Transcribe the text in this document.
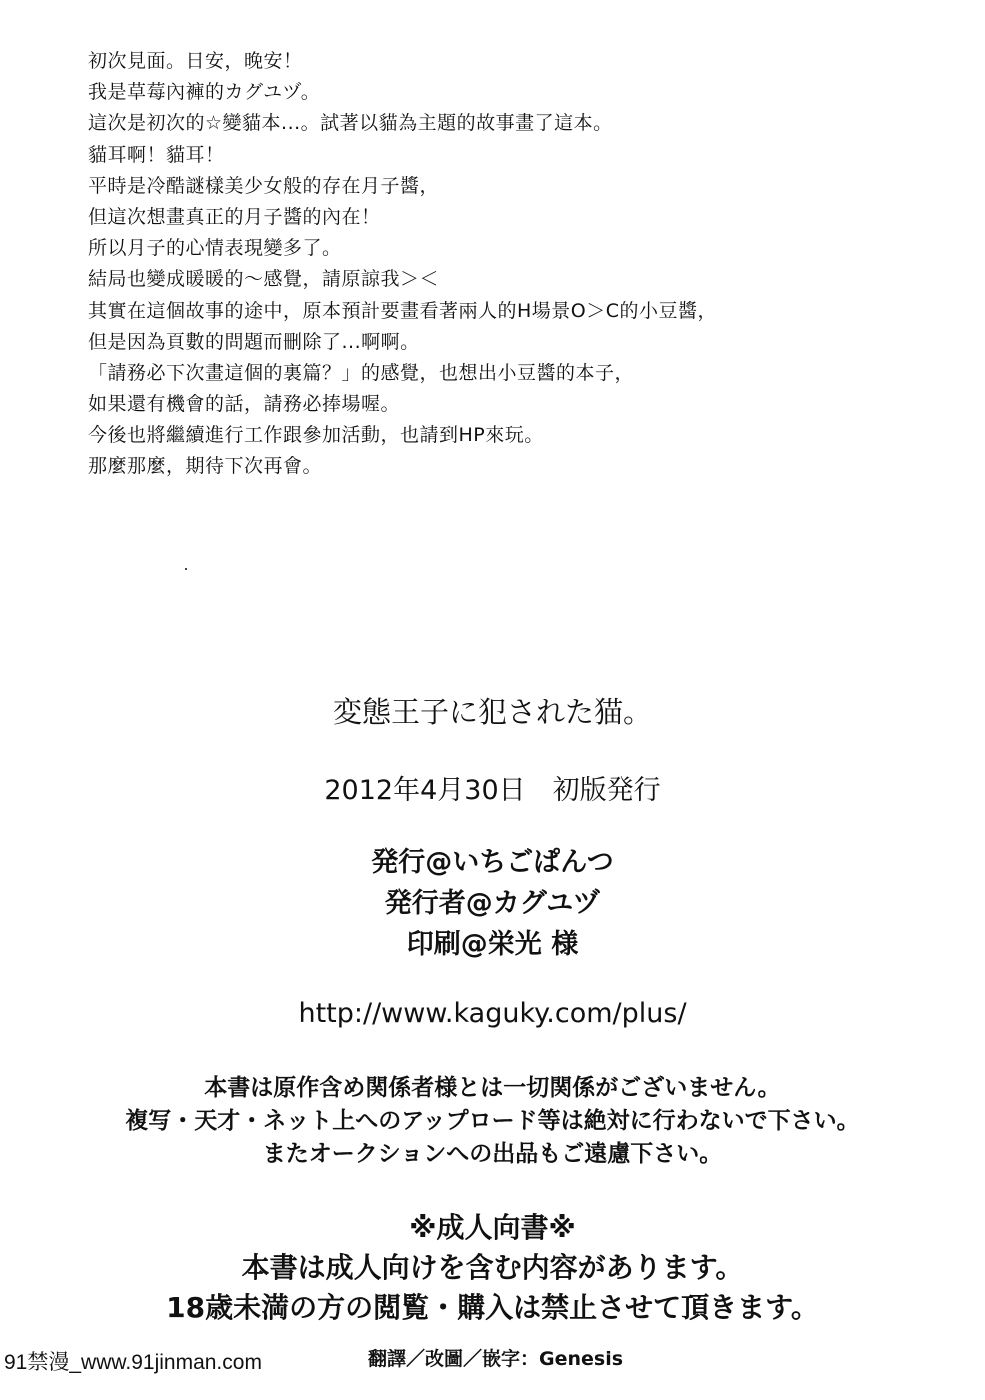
初次見面。日安，晚安！
我是草莓內褲的カグユヅ。
這次是初次的☆變貓本...。試著以貓為主題的故事畫了這本。
貓耳啊！貓耳！
平時是冷酷謎樣美少女般的存在月子醬，
但這次想畫真正的月子醬的內在！
所以月子的心情表現變多了。
結局也變成暖暖的～感覺，請原諒我＞＜
其實在這個故事的途中，原本預計要畫看著兩人的H場景O＞C的小豆醬，
但是因為頁數的問題而刪除了...啊啊。
「請務必下次畫這個的裏篇？」的感覺，也想出小豆醬的本子，
如果還有機會的話，請務必捧場喔。
今後也將繼續進行工作跟參加活動，也請到HP來玩。
那麼那麼，期待下次再會。
変態王子に犯された猫。
2012年4月30日　初版発行
発行@いちごぱんつ
発行者@カグユヅ
印刷@栄光 様
http://www.kaguky.com/plus/
本書は原作含め関係者様とは一切関係がございません。
複写・天才・ネット上へのアップロード等は絶対に行わないで下さい。
またオークションへの出品もご遠慮下さい。
※成人向書※
本書は成人向けを含む内容があります。
18歳未満の方の閲覧・購入は禁止させて頂きます。
91禁漫_www.91jinman.com	翻譯／改圖／嵌字：Genesis
